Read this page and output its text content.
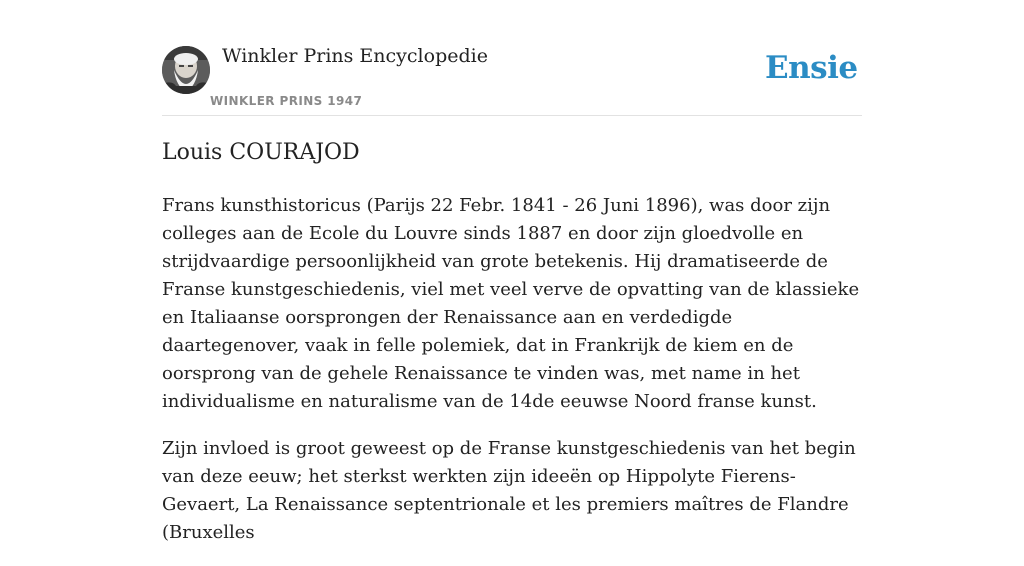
Winkler Prins Encyclopedie
WINKLER PRINS 1947
Ensie
Louis COURAJOD

Frans kunsthistoricus (Parijs 22 Febr. 1841 - 26 Juni 1896), was door zijn colleges aan de Ecole du Louvre sinds 1887 en door zijn gloedvolle en strijdvaardige persoonlijkheid van grote betekenis. Hij dramatiseerde de Franse kunstgeschiedenis, viel met veel verve de opvatting van de klassieke en Italiaanse oorsprongen der Renaissance aan en verdedigde daartegenover, vaak in felle polemiek, dat in Frankrijk de kiem en de oorsprong van de gehele Renaissance te vinden was, met name in het individualisme en naturalisme van de 14de eeuwse Noord franse kunst.

Zijn invloed is groot geweest op de Franse kunstgeschiedenis van het begin van deze eeuw; het sterkst werkten zijn ideeën op Hippolyte Fierens-Gevaert, La Renaissance septentrionale et les premiers maîtres de Flandre (Bruxelles
